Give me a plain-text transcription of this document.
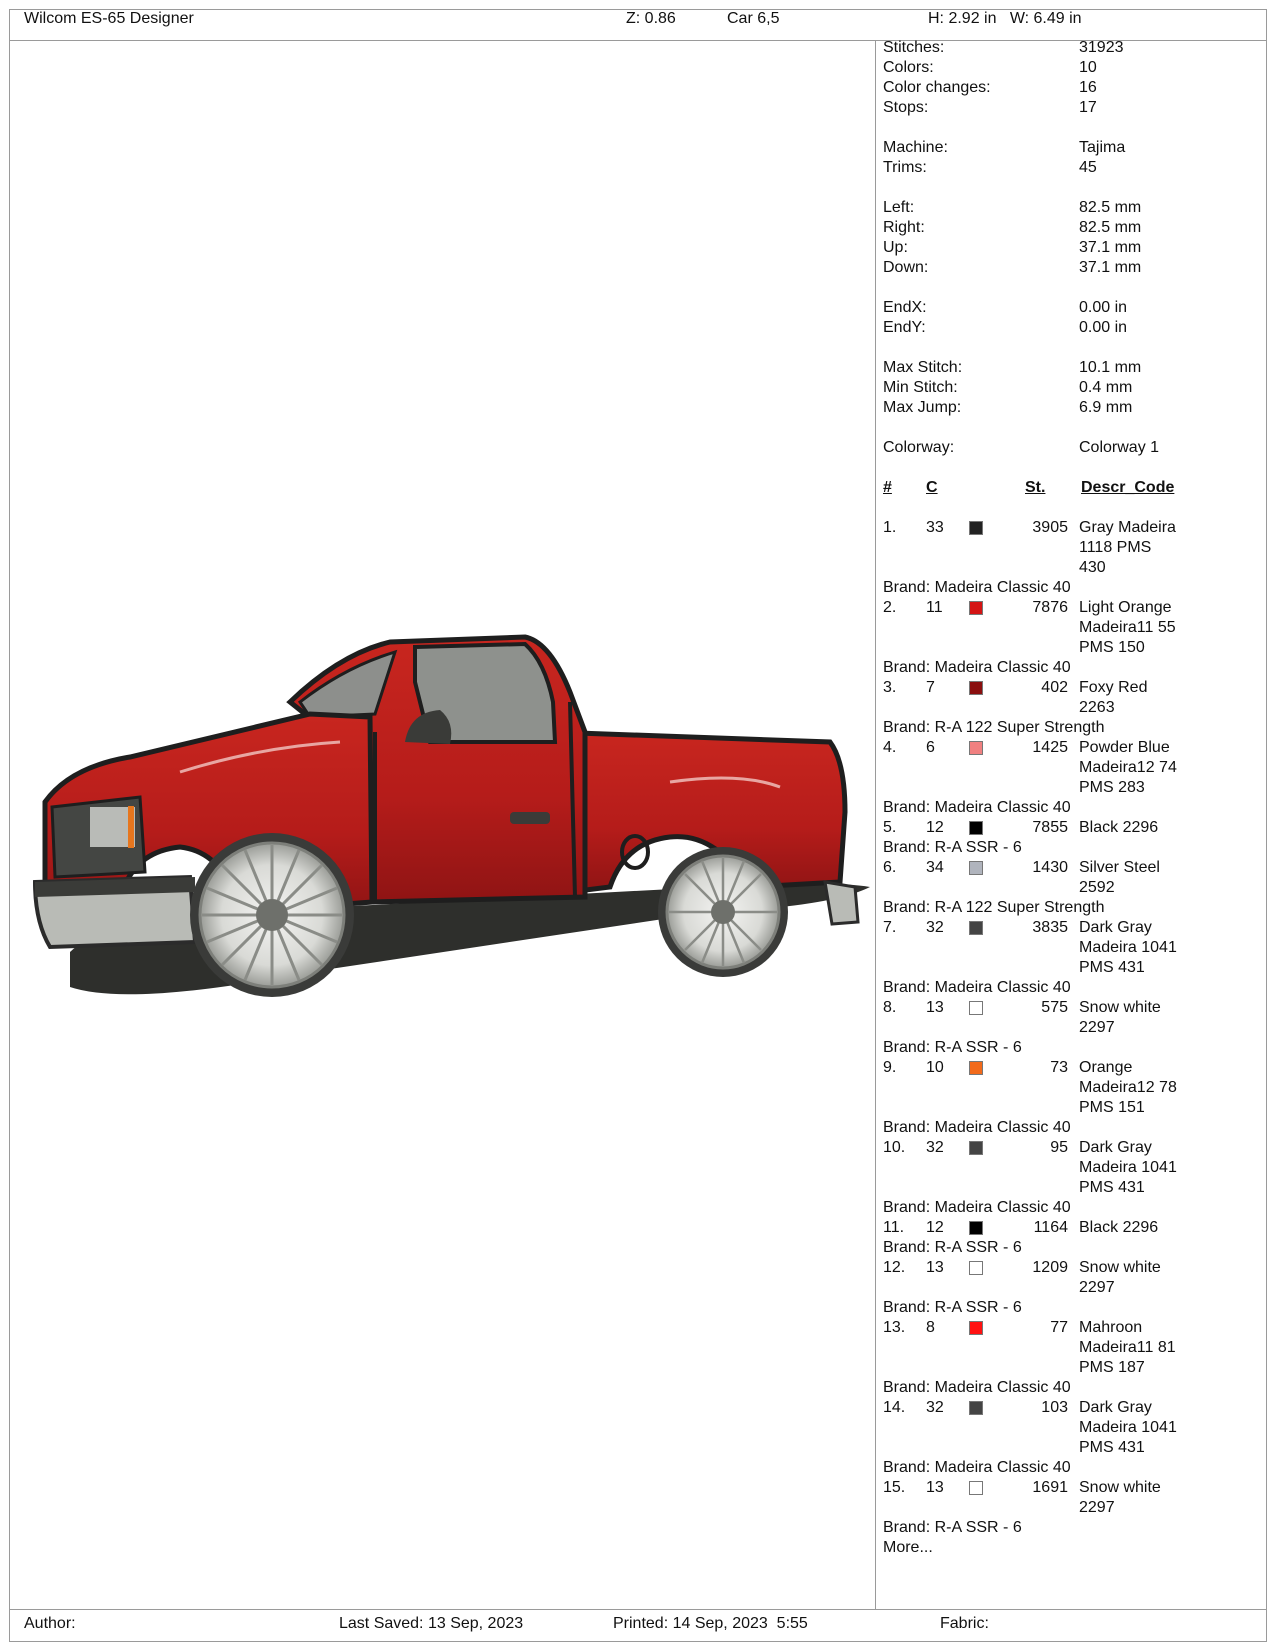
Wilcom ES-65 Designer	Z: 0.86	Car 6,5	H: 2.92 in   W: 6.49 in
Stitches:	31923
Colors:	10
Color changes:	16
Stops:	17
Machine:	Tajima
Trims:	45
Left:	82.5 mm
Right:	82.5 mm
Up:	37.1 mm
Down:	37.1 mm
EndX:	0.00 in
EndY:	0.00 in
Max Stitch:	10.1 mm
Min Stitch:	0.4 mm
Max Jump:	6.9 mm
Colorway:	Colorway 1
# C	St. Descr_Code
1. 33	3905 Gray Madeira
1118 PMS
430
Brand: Madeira Classic 40
2. 11	7876 Light Orange
Madeira11 55
PMS 150
Brand: Madeira Classic 40
3. 7	402 Foxy Red
2263
Brand: R-A 122 Super Strength
4. 6	1425 Powder Blue
Madeira12 74
PMS 283
Brand: Madeira Classic 40
5. 12	7855 Black 2296
Brand: R-A SSR - 6
6. 34	1430 Silver Steel
2592
Brand: R-A 122 Super Strength
7. 32	3835 Dark Gray
Madeira 1041
PMS 431
Brand: Madeira Classic 40
8. 13	575 Snow white
2297
Brand: R-A SSR - 6
9. 10	73 Orange
Madeira12 78
PMS 151
Brand: Madeira Classic 40
10. 32	95 Dark Gray
Madeira 1041
PMS 431
Brand: Madeira Classic 40
11. 12	1164 Black 2296
Brand: R-A SSR - 6
12. 13	1209 Snow white
2297
Brand: R-A SSR - 6
13. 8	77 Mahroon
Madeira11 81
PMS 187
Brand: Madeira Classic 40
14. 32	103 Dark Gray
Madeira 1041
PMS 431
Brand: Madeira Classic 40
15. 13	1691 Snow white
2297
Brand: R-A SSR - 6
More...
Author:	Last Saved: 13 Sep, 2023	Printed: 14 Sep, 2023  5:55	Fabric:
